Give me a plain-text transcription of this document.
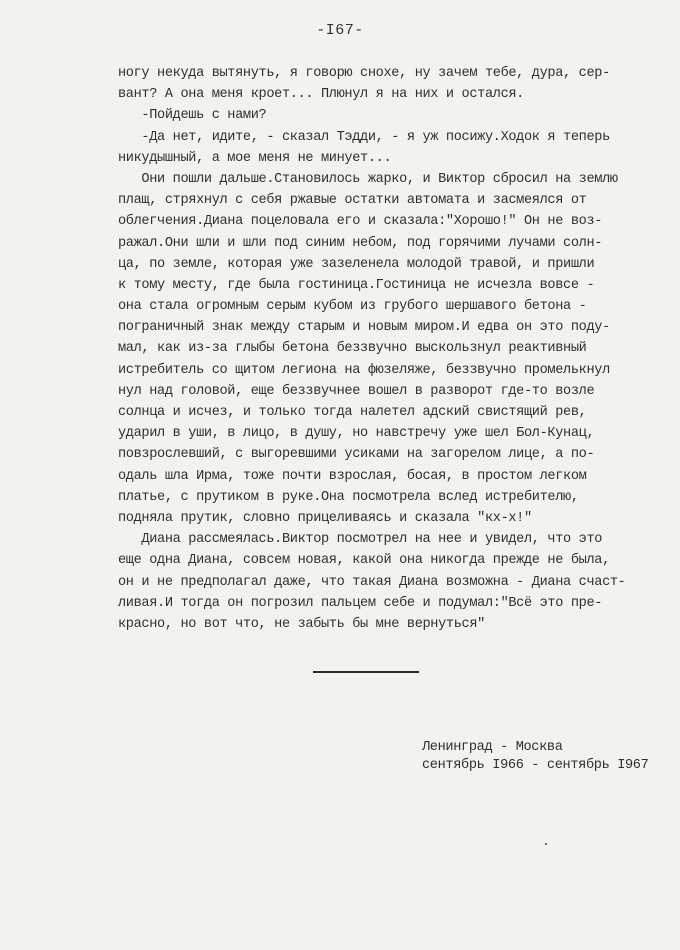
-I67-
ногу некуда вытянуть, я говорю снохе, ну зачем тебе, дура, сер-
вант? А она меня кроет... Плюнул я на них и остался.
-Пойдешь с нами?
-Да нет, идите, - сказал Тэдди, - я уж посижу.Ходок я теперь
никудышный, а мое меня не минует...
Они пошли дальше.Становилось жарко, и Виктор сбросил на землю
плащ, стряхнул с себя ржавые остатки автомата и засмеялся от
облегчения.Диана поцеловала его и сказала:"Хорошо!" Он не воз-
ражал.Они шли и шли под синим небом, под горячими лучами солн-
ца, по земле, которая уже зазеленела молодой травой, и пришли
к тому месту, где была гостиница.Гостиница не исчезла вовсе -
она стала огромным серым кубом из грубого шершавого бетона -
пограничный знак между старым и новым миром.И едва он это поду-
мал, как из-за глыбы бетона беззвучно выскользнул реактивный
истребитель со щитом легиона на фюзеляже, беззвучно промелькнул
нул над головой, еще беззвучнее вошел в разворот где-то возле
солнца и исчез, и только тогда налетел адский свистящий рев,
ударил в уши, в лицо, в душу, но навстречу уже шел Бол-Кунац,
повзрослевший, с выгоревшими усиками на загорелом лице, а по-
одаль шла Ирма, тоже почти взрослая, босая, в простом легком
платье, с прутиком в руке.Она посмотрела вслед истребителю,
подняла прутик, словно прицеливаясь и сказала "кх-х!"
Диана рассмеялась.Виктор посмотрел на нее и увидел, что это
еще одна Диана, совсем новая, какой она никогда прежде не была,
он и не предполагал даже, что такая Диана возможна - Диана счаст-
ливая.И тогда он погрозил пальцем себе и подумал:"Всё это пре-
красно, но вот что, не забыть бы мне вернуться"
Ленинград - Москва
сентябрь I966 - сентябрь I967
